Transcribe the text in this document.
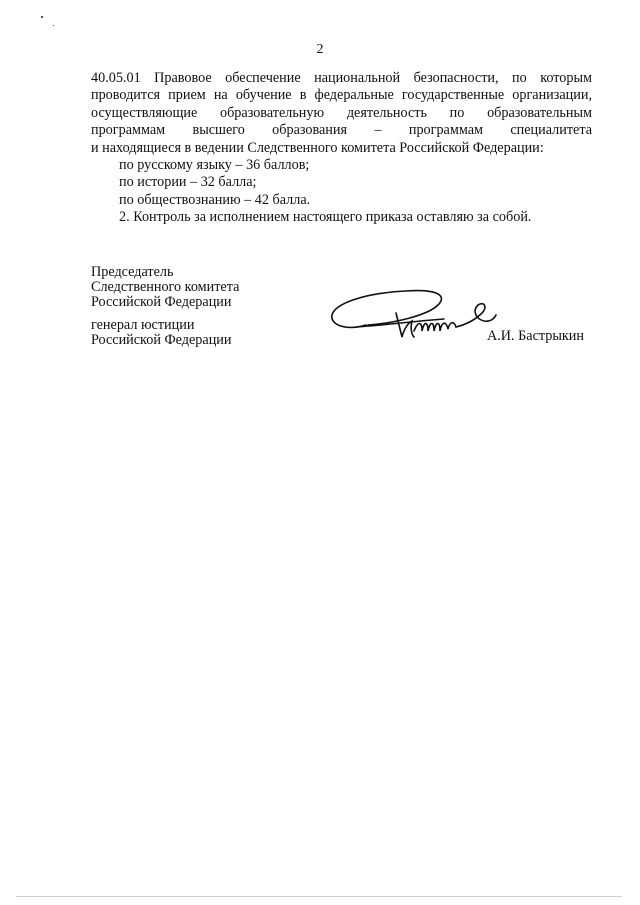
2
40.05.01 Правовое обеспечение национальной безопасности, по которым
проводится прием на обучение в федеральные государственные организации,
осуществляющие образовательную деятельность по образовательным
программам высшего образования – программам специалитета
и находящиеся в ведении Следственного комитета Российской Федерации:
по русскому языку – 36 баллов;
по истории – 32 балла;
по обществознанию – 42 балла.
2. Контроль за исполнением настоящего приказа оставляю за собой.
Председатель
Следственного комитета
Российской Федерации
генерал юстиции
Российской Федерации	А.И. Бастрыкин
